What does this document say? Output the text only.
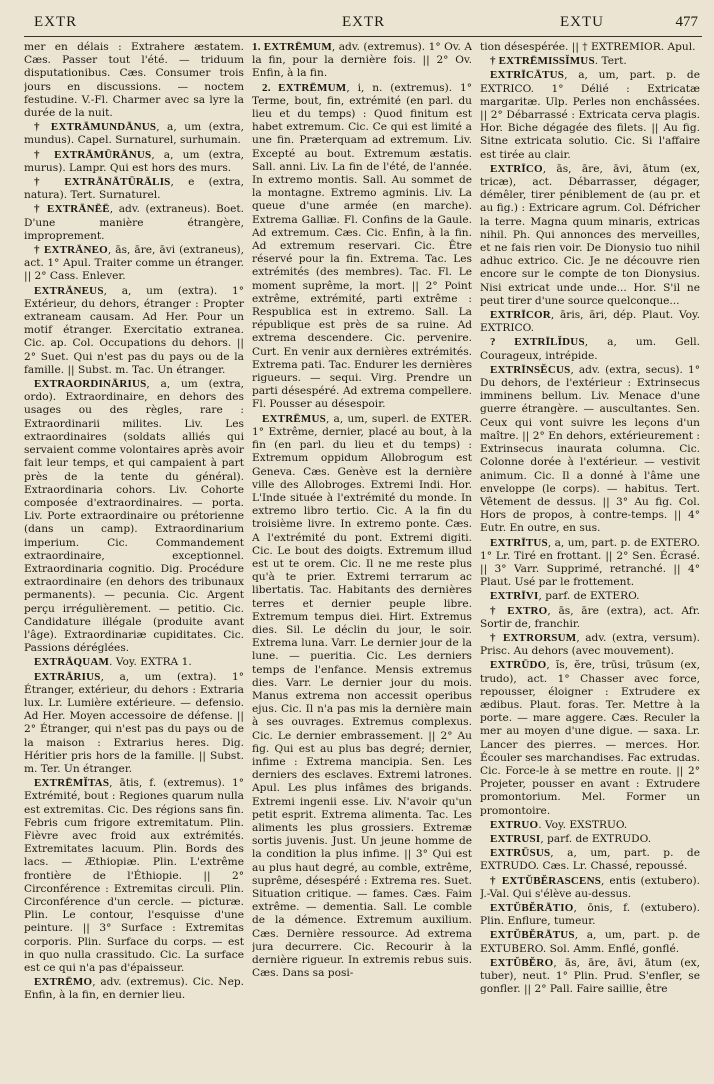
EXTR	EXTR	EXTU	477

mer en délais : Extrahere æstatem. Cæs. Passer tout l'été. — triduum disputationibus. Cæs. Consumer trois jours en discussions. — noctem festudine. V.-Fl. Charmer avec sa lyre la durée de la nuit.

† EXTRĀMUNDĀNUS, a, um (extra, mundus). Capel. Surnaturel, surhumain.

† EXTRĀMŪRĀNUS, a, um (extra, murus). Lampr. Qui est hors des murs.

† EXTRĀNĀTŪRĀLIS, e (extra, natura). Tert. Surnaturel.

† EXTRĀNĒĒ, adv. (extraneus). Boet. D'une manière étrangère, improprement.

† EXTRĀNEO, ās, āre, āvi (extraneus), act. 1° Apul. Traiter comme un étranger. || 2° Cass. Enlever.

EXTRĀNEUS, a, um (extra). 1° Extérieur, du dehors, étranger : Propter extraneam causam. Ad Her. Pour un motif étranger. Exercitatio extranea. Cic. ap. Col. Occupations du dehors. || 2° Suet. Qui n'est pas du pays ou de la famille. || Subst. m. Tac. Un étranger.

EXTRAORDINĀRIUS, a, um (extra, ordo). Extraordinaire, en dehors des usages ou des règles, rare : Extraordinarii milites. Liv. Les extraordinaires (soldats alliés qui servaient comme volontaires après avoir fait leur temps, et qui campaient à part près de la tente du général). Extraordinaria cohors. Liv. Cohorte composée d'extraordinaires. — porta. Liv. Porte extraordinaire ou prétorienne (dans un camp). Extraordinarium imperium. Cic. Commandement extraordinaire, exceptionnel. Extraordinaria cognitio. Dig. Procédure extraordinaire (en dehors des tribunaux permanents). — pecunia. Cic. Argent perçu irrégulièrement. — petitio. Cic. Candidature illégale (produite avant l'âge). Extraordinariæ cupiditates. Cic. Passions déréglées.

EXTRĀQUAM. Voy. EXTRA 1.

EXTRĀRIUS, a, um (extra). 1° Étranger, extérieur, du dehors : Extraria lux. Lr. Lumière extérieure. — defensio. Ad Her. Moyen accessoire de défense. || 2° Étranger, qui n'est pas du pays ou de la maison : Extrarius heres. Dig. Héritier pris hors de la famille. || Subst. m. Ter. Un étranger.

EXTRĒMĬTAS, ātis, f. (extremus). 1° Extrémité, bout : Regiones quarum nulla est extremitas. Cic. Des régions sans fin. Febris cum frigore extremitatum. Plin. Fièvre avec froid aux extrémités. Extremitates lacuum. Plin. Bords des lacs. — Æthiopiæ. Plin. L'extrême frontière de l'Éthiopie. || 2° Circonférence : Extremitas circuli. Plin. Circonférence d'un cercle. — picturæ. Plin. Le contour, l'esquisse d'une peinture. || 3° Surface : Extremitas corporis. Plin. Surface du corps. — est in quo nulla crassitudo. Cic. La surface est ce qui n'a pas d'épaisseur.

EXTRĒMO, adv. (extremus). Cic. Nep. Enfin, à la fin, en dernier lieu.

1. EXTRĒMUM, adv. (extremus). 1° Ov. A la fin, pour la dernière fois. || 2° Ov. Enfin, à la fin.

2. EXTRĒMUM, i, n. (extremus). 1° Terme, bout, fin, extrémité (en parl. du lieu et du temps) : Quod finitum est habet extremum. Cic. Ce qui est limité a une fin. Præterquam ad extremum. Liv. Excepté au bout. Extremum æstatis. Sall. anni. Liv. La fin de l'été, de l'année. In extremo montis. Sall. Au sommet de la montagne. Extremo agminis. Liv. La queue d'une armée (en marche). Extrema Galliæ. Fl. Confins de la Gaule. Ad extremum. Cæs. Cic. Enfin, à la fin. Ad extremum reservari. Cic. Être réservé pour la fin. Extrema. Tac. Les extrémités (des membres). Tac. Fl. Le moment suprême, la mort. || 2° Point extrême, extrémité, parti extrême : Respublica est in extremo. Sall. La république est près de sa ruine. Ad extrema descendere. Cic. pervenire. Curt. En venir aux dernières extrémités. Extrema pati. Tac. Endurer les dernières rigueurs. — sequi. Virg. Prendre un parti désespéré. Ad extrema compellere. Fl. Pousser au désespoir.

EXTRĒMUS, a, um, superl. de EXTER. 1° Extrême, dernier, placé au bout, à la fin (en parl. du lieu et du temps) : Extremum oppidum Allobrogum est Geneva. Cæs. Genève est la dernière ville des Allobroges. Extremi Indi. Hor. L'Inde située à l'extrémité du monde. In extremo libro tertio. Cic. A la fin du troisième livre. In extremo ponte. Cæs. A l'extrémité du pont. Extremi digiti. Cic. Le bout des doigts. Extremum illud est ut te orem. Cic. Il ne me reste plus qu'à te prier. Extremi terrarum ac libertatis. Tac. Habitants des dernières terres et dernier peuple libre. Extremum tempus diei. Hirt. Extremus dies. Sil. Le déclin du jour, le soir. Extrema luna. Varr. Le dernier jour de la lune. — pueritia. Cic. Les derniers temps de l'enfance. Mensis extremus dies. Varr. Le dernier jour du mois. Manus extrema non accessit operibus ejus. Cic. Il n'a pas mis la dernière main à ses ouvrages. Extremus complexus. Cic. Le dernier embrassement. || 2° Au fig. Qui est au plus bas degré; dernier, infime : Extrema mancipia. Sen. Les derniers des esclaves. Extremi latrones. Apul. Les plus infâmes des brigands. Extremi ingenii esse. Liv. N'avoir qu'un petit esprit. Extrema alimenta. Tac. Les aliments les plus grossiers. Extremæ sortis juvenis. Just. Un jeune homme de la condition la plus infime. || 3° Qui est au plus haut degré, au comble, extrême, suprême, désespéré : Extrema res. Suet. Situation critique. — fames. Cæs. Faim extrême. — dementia. Sall. Le comble de la démence. Extremum auxilium. Cæs. Dernière ressource. Ad extrema jura decurrere. Cic. Recourir à la dernière rigueur. In extremis rebus suis. Cæs. Dans sa posi-

tion désespérée. || † EXTREMIOR. Apul.

† EXTRĒMISSĬMUS. Tert.

EXTRĪCĀTUS, a, um, part. p. de EXTRICO. 1° Délié : Extricatæ margaritæ. Ulp. Perles non enchâssées. || 2° Débarrassé : Extricata cerva plagis. Hor. Biche dégagée des filets. || Au fig. Sitne extricata solutio. Cic. Si l'affaire est tirée au clair.

EXTRĪCO, ās, āre, āvi, ātum (ex, tricæ), act. Débarrasser, dégager, démêler, tirer péniblement de (au pr. et au fig.) : Extricare agrum. Col. Défricher la terre. Magna quum minaris, extricas nihil. Ph. Qui annonces des merveilles, et ne fais rien voir. De Dionysio tuo nihil adhuc extrico. Cic. Je ne découvre rien encore sur le compte de ton Dionysius. Nisi extricat unde unde... Hor. S'il ne peut tirer d'une source quelconque...

EXTRĪCOR, āris, āri, dép. Plaut. Voy. EXTRICO.

? EXTRĪLĬDUS, a, um. Gell. Courageux, intrépide.

EXTRĪNSĔCUS, adv. (extra, secus). 1° Du dehors, de l'extérieur : Extrinsecus imminens bellum. Liv. Menace d'une guerre étrangère. — auscultantes. Sen. Ceux qui vont suivre les leçons d'un maître. || 2° En dehors, extérieurement : Extrinsecus inaurata columna. Cic. Colonne dorée à l'extérieur. — vestivit animum. Cic. Il a donné à l'âme une enveloppe (le corps). — habitus. Tert. Vêtement de dessus. || 3° Au fig. Col. Hors de propos, à contre-temps. || 4° Eutr. En outre, en sus.

EXTRĪTUS, a, um, part. p. de EXTERO. 1° Lr. Tiré en frottant. || 2° Sen. Écrasé. || 3° Varr. Supprimé, retranché. || 4° Plaut. Usé par le frottement.

EXTRĪVI, parf. de EXTERO.

† EXTRO, ās, āre (extra), act. Afr. Sortir de, franchir.

† EXTRORSUM, adv. (extra, versum). Prisc. Au dehors (avec mouvement).

EXTRŪDO, ĭs, ĕre, trūsi, trūsum (ex, trudo), act. 1° Chasser avec force, repousser, éloigner : Extrudere ex ædibus. Plaut. foras. Ter. Mettre à la porte. — mare aggere. Cæs. Reculer la mer au moyen d'une digue. — saxa. Lr. Lancer des pierres. — merces. Hor. Écouler ses marchandises. Fac extrudas. Cic. Force-le à se mettre en route. || 2° Projeter, pousser en avant : Extrudere promontorium. Mel. Former un promontoire.

EXTRUO. Voy. EXSTRUO.

EXTRUSI, parf. de EXTRUDO.

EXTRŪSUS, a, um, part. p. de EXTRUDO. Cæs. Lr. Chassé, repoussé.

† EXTŬBĔRASCENS, entis (extubero). J.-Val. Qui s'élève au-dessus.

EXTŬBĔRĀTIO, ōnis, f. (extubero). Plin. Enflure, tumeur.

EXTŬBĔRĀTUS, a, um, part. p. de EXTUBERO. Sol. Amm. Enflé, gonflé.

EXTŬBĔRO, ās, āre, āvi, ātum (ex, tuber), neut. 1° Plin. Prud. S'enfler, se gonfler. || 2° Pall. Faire saillie, être
